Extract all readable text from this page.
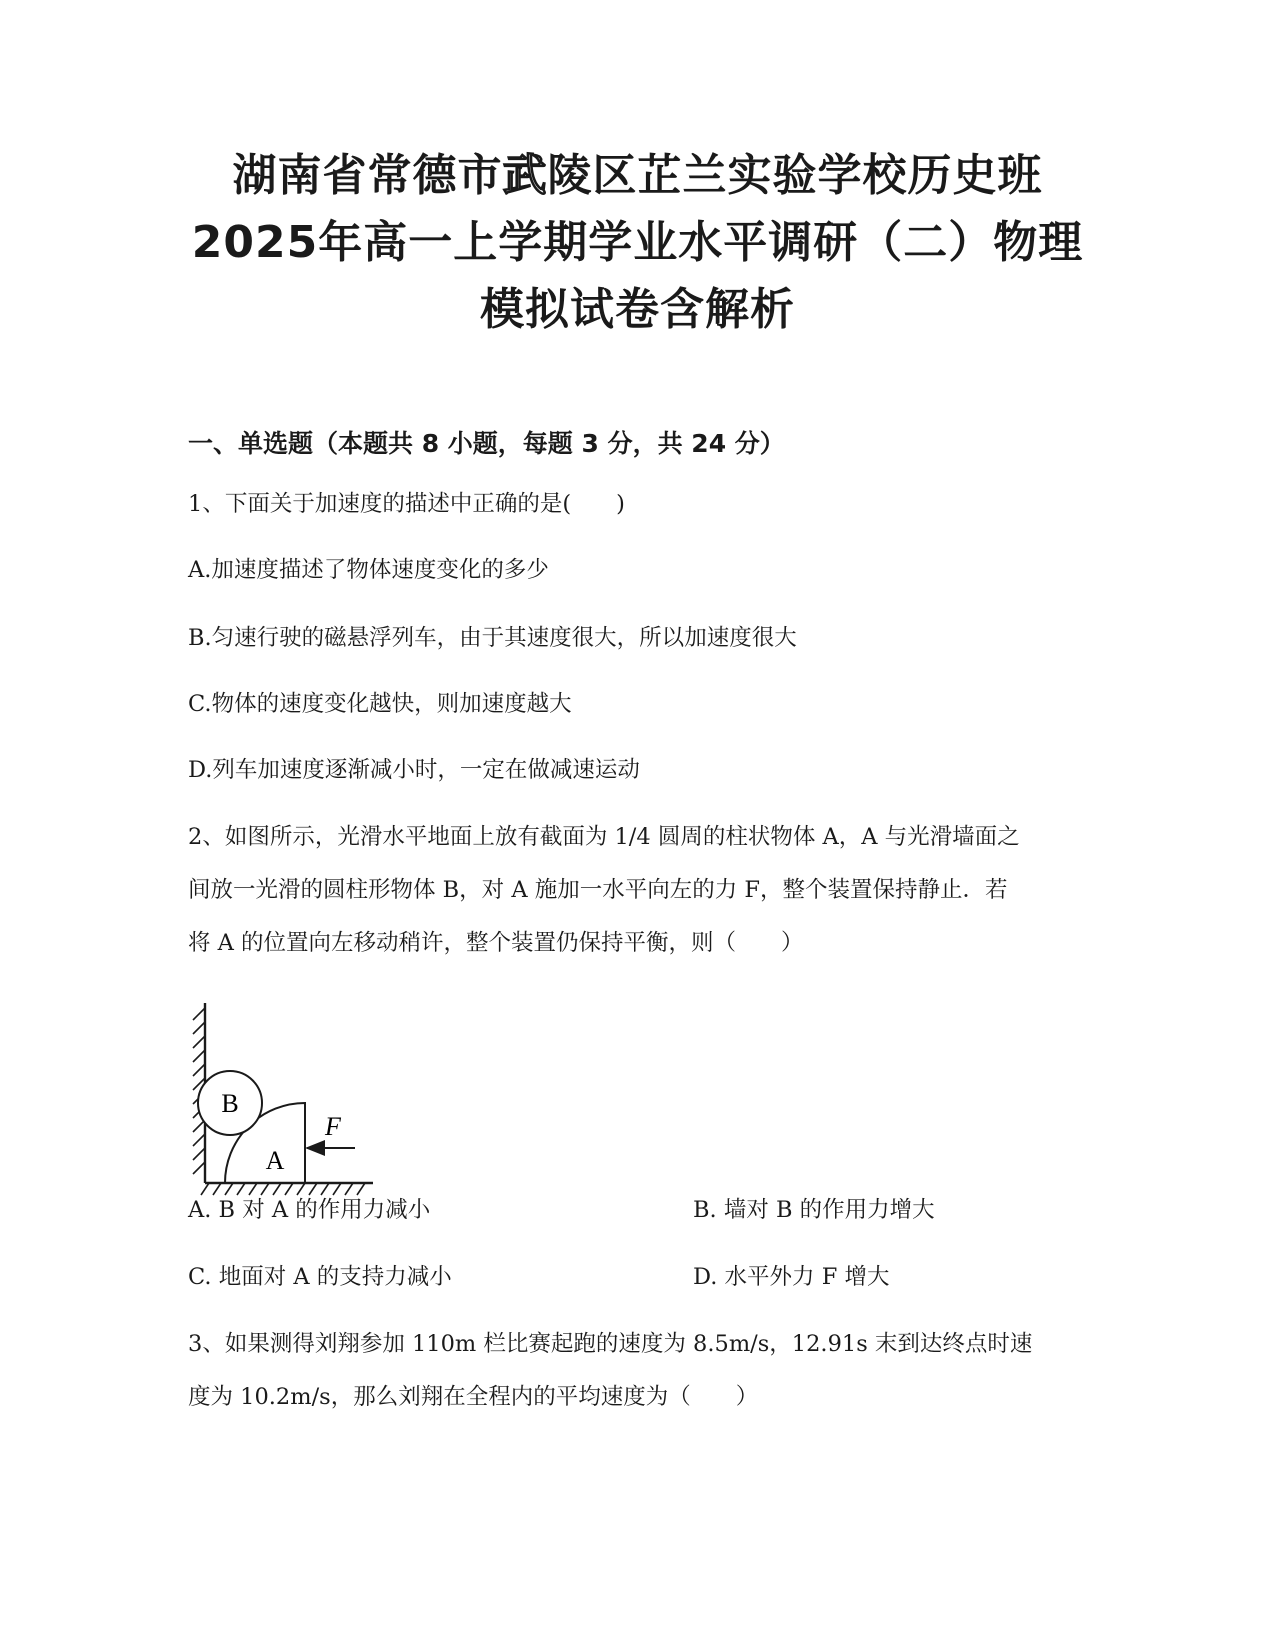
湖南省常德市武陵区芷兰实验学校历史班
2025年高一上学期学业水平调研（二）物理
模拟试卷含解析
一、单选题（本题共 8 小题，每题 3 分，共 24 分）
1、下面关于加速度的描述中正确的是(　　)
A.加速度描述了物体速度变化的多少
B.匀速行驶的磁悬浮列车，由于其速度很大，所以加速度很大
C.物体的速度变化越快，则加速度越大
D.列车加速度逐渐减小时，一定在做减速运动
2、如图所示，光滑水平地面上放有截面为 1/4 圆周的柱状物体 A，A 与光滑墙面之
间放一光滑的圆柱形物体 B，对 A 施加一水平向左的力 F，整个装置保持静止．若
将 A 的位置向左移动稍许，整个装置仍保持平衡，则（　　）
B
A
F
A. B 对 A 的作用力减小	B. 墙对 B 的作用力增大
C. 地面对 A 的支持力减小	D. 水平外力 F 增大
3、如果测得刘翔参加 110m 栏比赛起跑的速度为 8.5m/s，12.91s 末到达终点时速
度为 10.2m/s，那么刘翔在全程内的平均速度为（　　）
